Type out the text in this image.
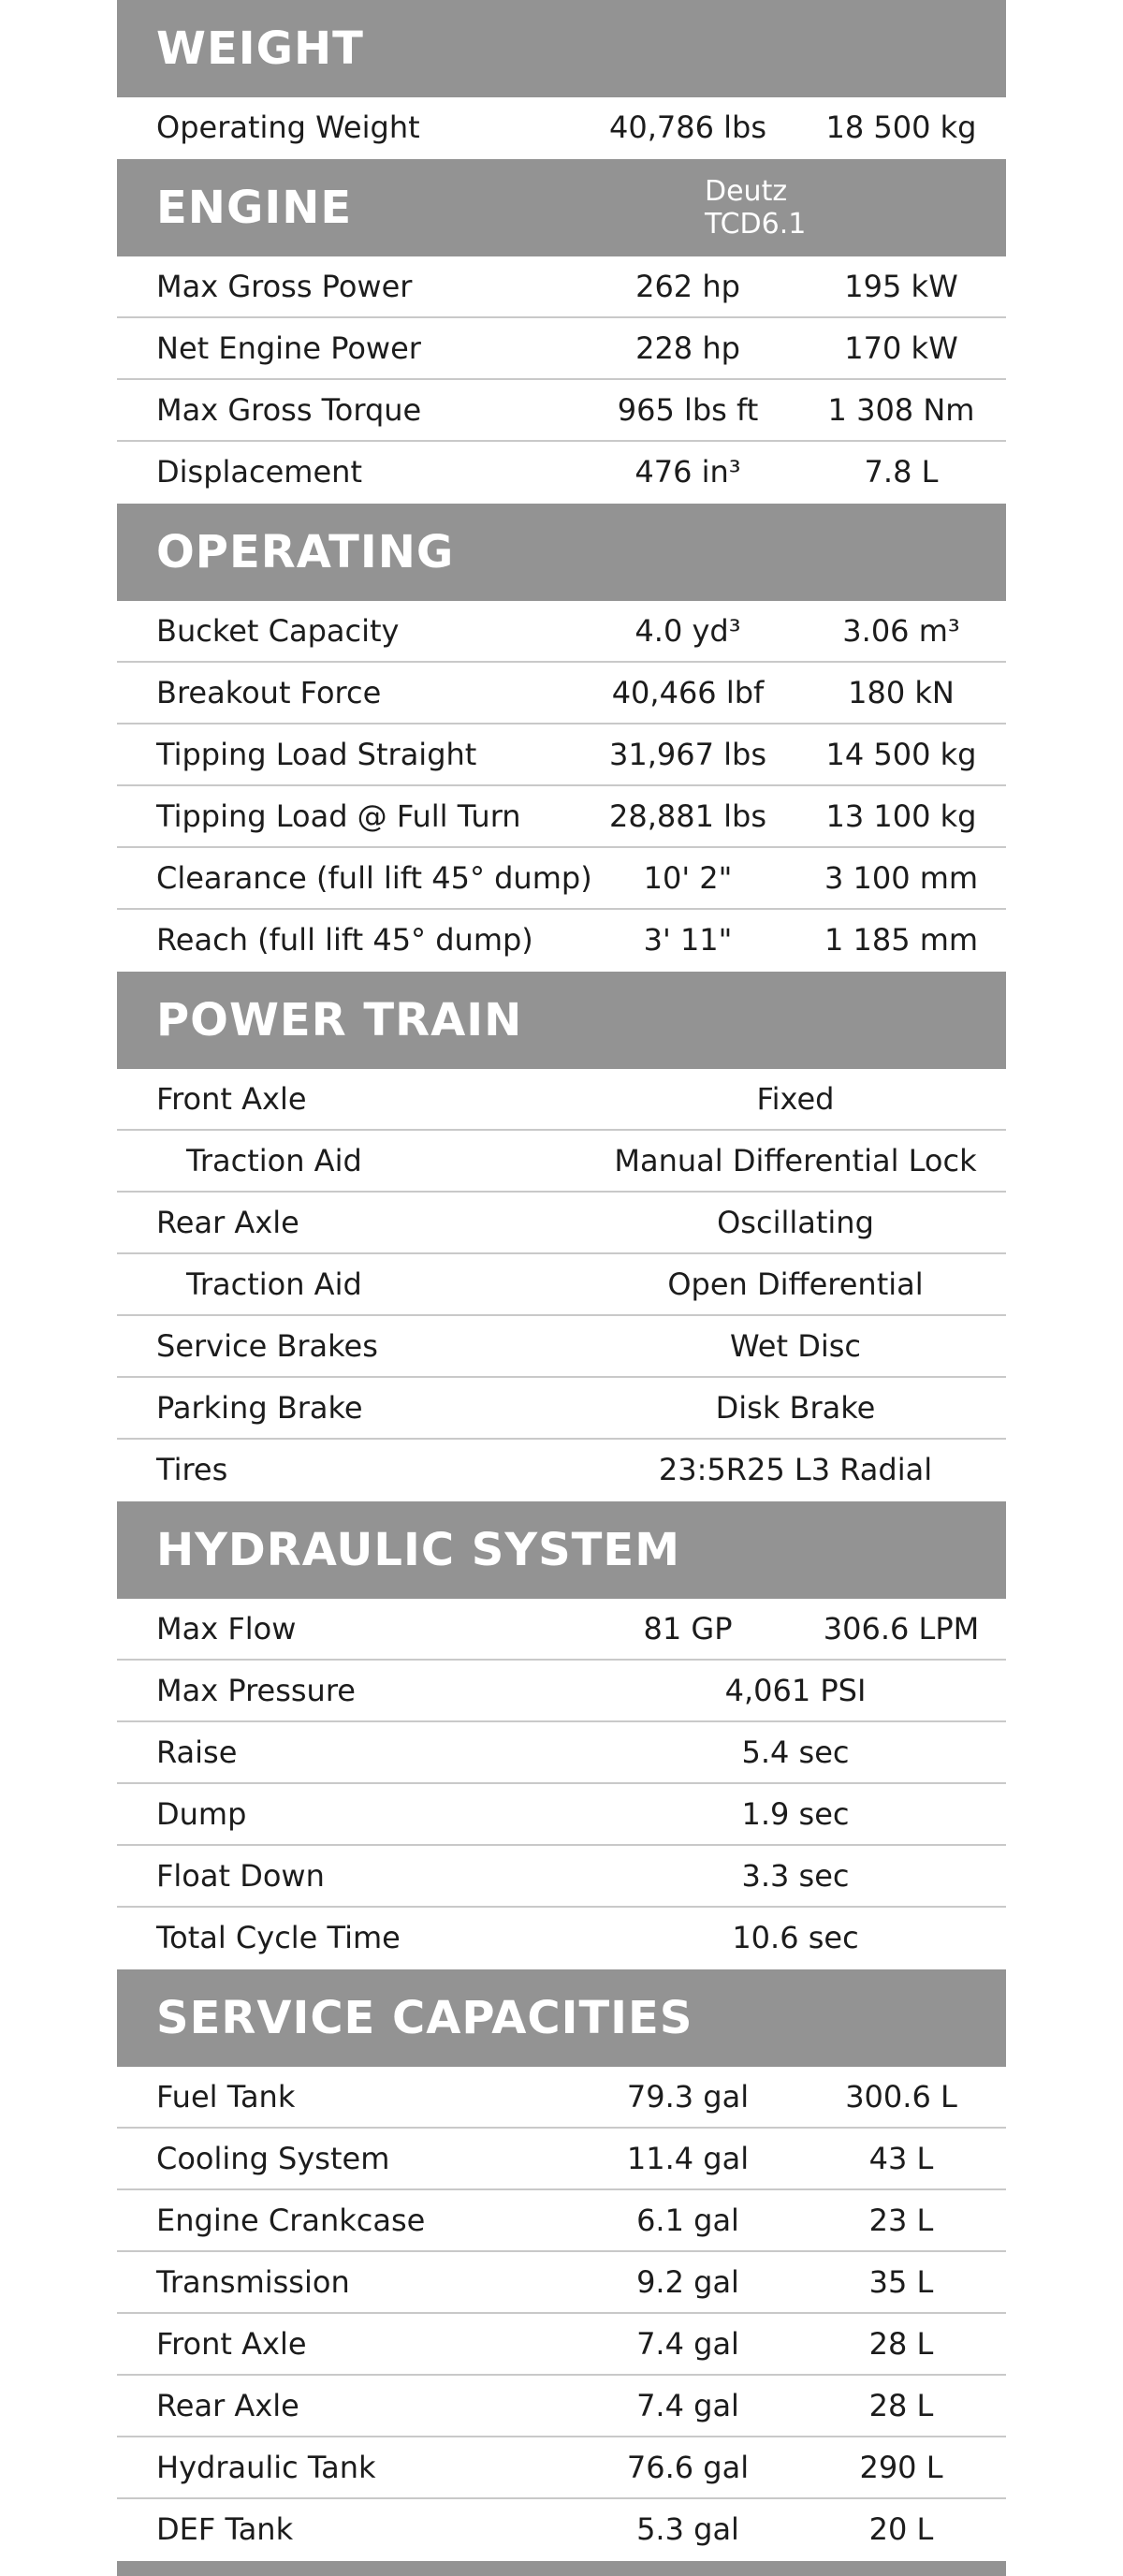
WEIGHT
Operating Weight	40,786 lbs	18 500 kg
ENGINE	Deutz TCD6.1
Max Gross Power	262 hp	195 kW
Net Engine Power	228 hp	170 kW
Max Gross Torque	965 lbs ft	1 308 Nm
Displacement	476 in³	7.8 L
OPERATING
Bucket Capacity	4.0 yd³	3.06 m³
Breakout Force	40,466 lbf	180 kN
Tipping Load Straight	31,967 lbs	14 500 kg
Tipping Load @ Full Turn	28,881 lbs	13 100 kg
Clearance (full lift 45° dump)	10' 2"	3 100 mm
Reach (full lift 45° dump)	3' 11"	1 185 mm
POWER TRAIN
Front Axle	Fixed
Traction Aid	Manual Differential Lock
Rear Axle	Oscillating
Traction Aid	Open Differential
Service Brakes	Wet Disc
Parking Brake	Disk Brake
Tires	23:5R25 L3 Radial
HYDRAULIC SYSTEM
Max Flow	81 GP	306.6 LPM
Max Pressure	4,061 PSI
Raise	5.4 sec
Dump	1.9 sec
Float Down	3.3 sec
Total Cycle Time	10.6 sec
SERVICE CAPACITIES
Fuel Tank	79.3 gal	300.6 L
Cooling System	11.4 gal	43 L
Engine Crankcase	6.1 gal	23 L
Transmission	9.2 gal	35 L
Front Axle	7.4 gal	28 L
Rear Axle	7.4 gal	28 L
Hydraulic Tank	76.6 gal	290 L
DEF Tank	5.3 gal	20 L
